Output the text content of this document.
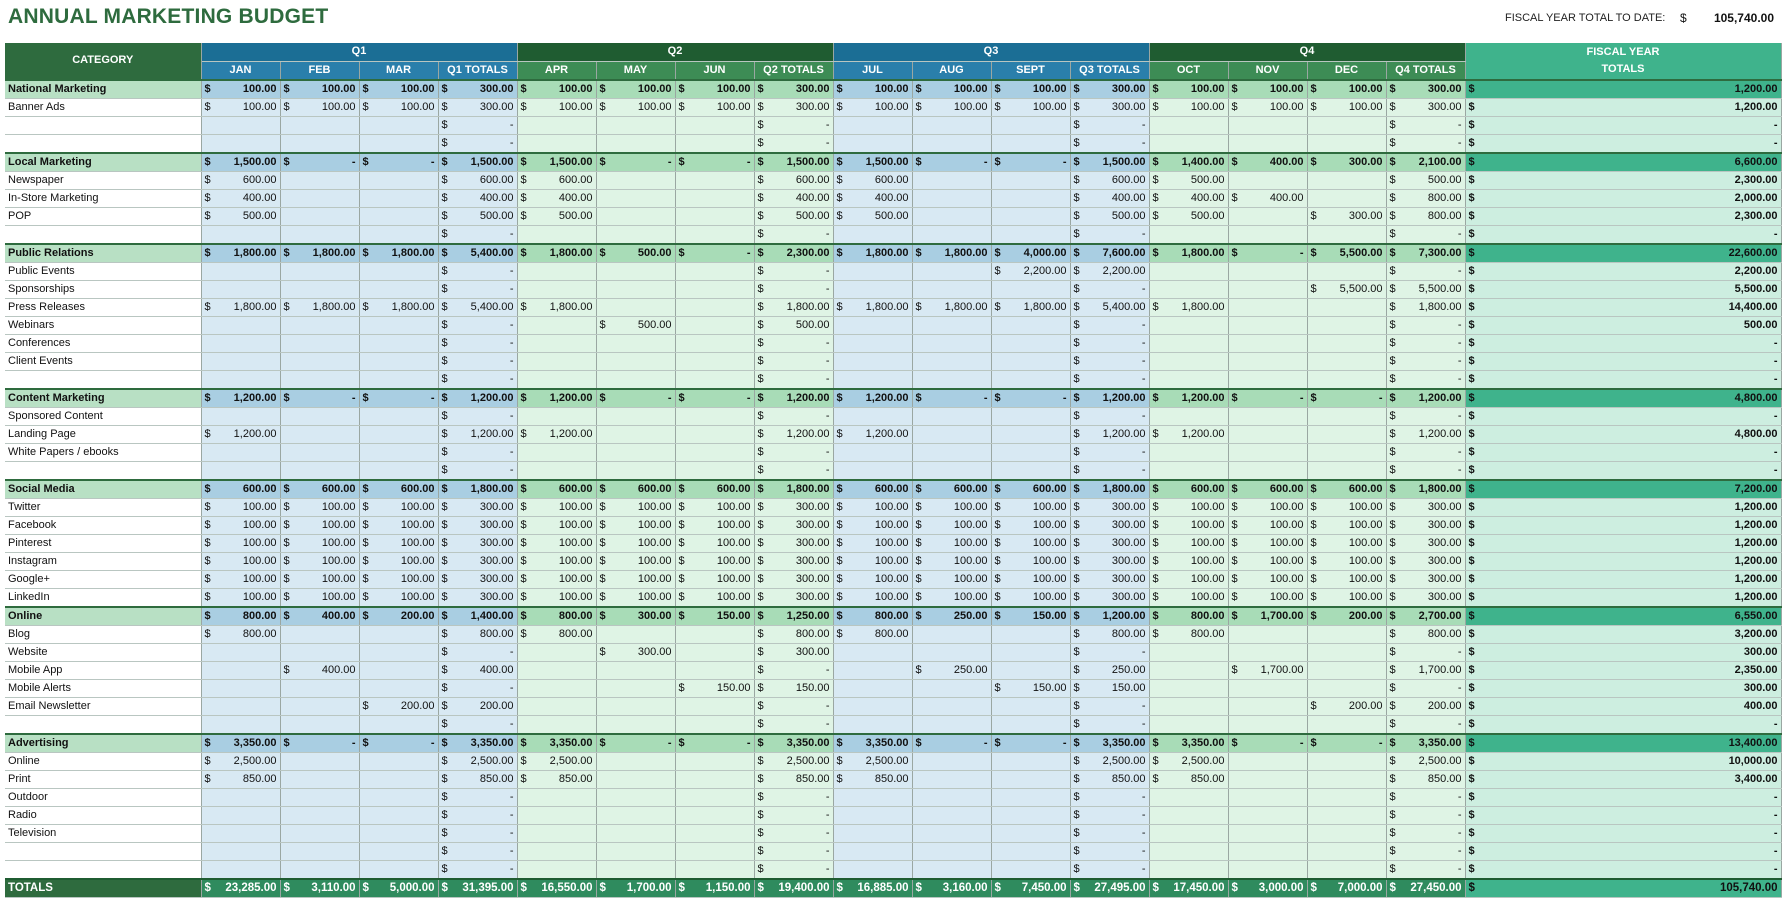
ANNUAL MARKETING BUDGET	FISCAL YEAR TOTAL TO DATE: $ 105,740.00
CATEGORY	Q1				Q2				Q3				Q4				FISCAL YEAR
TOTALS
	JAN	FEB	MAR	Q1 TOTALS	APR	MAY	JUN	Q2 TOTALS	JUL	AUG	SEPT	Q3 TOTALS	OCT	NOV	DEC	Q4 TOTALS	
National Marketing	$ 100.00	$ 100.00	$ 100.00	$ 300.00	$ 100.00	$ 100.00	$ 100.00	$ 300.00	$ 100.00	$ 100.00	$ 100.00	$ 300.00	$ 100.00	$ 100.00	$ 100.00	$ 300.00	$ 1,200.00

Banner Ads	$ 100.00	$ 100.00	$ 100.00	$ 300.00	$ 100.00	$ 100.00	$ 100.00	$ 300.00	$ 100.00	$ 100.00	$ 100.00	$ 300.00	$ 100.00	$ 100.00	$ 100.00	$ 300.00	$ 1,200.00

				$ -				$ -				$ -				$ -	$ -

				$ -				$ -				$ -				$ -	$ -

Local Marketing	$ 1,500.00	$ -	$ -	$ 1,500.00	$ 1,500.00	$ -	$ -	$ 1,500.00	$ 1,500.00	$ -	$ -	$ 1,500.00	$ 1,400.00	$ 400.00	$ 300.00	$ 2,100.00	$ 6,600.00

Newspaper	$ 600.00			$ 600.00	$ 600.00			$ 600.00	$ 600.00			$ 600.00	$ 500.00			$ 500.00	$ 2,300.00

In-Store Marketing	$ 400.00			$ 400.00	$ 400.00			$ 400.00	$ 400.00			$ 400.00	$ 400.00	$ 400.00		$ 800.00	$ 2,000.00

POP	$ 500.00			$ 500.00	$ 500.00			$ 500.00	$ 500.00			$ 500.00	$ 500.00		$ 300.00	$ 800.00	$ 2,300.00

				$ -				$ -				$ -				$ -	$ -

Public Relations	$ 1,800.00	$ 1,800.00	$ 1,800.00	$ 5,400.00	$ 1,800.00	$ 500.00	$ -	$ 2,300.00	$ 1,800.00	$ 1,800.00	$ 4,000.00	$ 7,600.00	$ 1,800.00	$ -	$ 5,500.00	$ 7,300.00	$ 22,600.00

Public Events				$ -				$ -			$ 2,200.00	$ 2,200.00				$ -	$ 2,200.00

Sponsorships				$ -				$ -				$ -			$ 5,500.00	$ 5,500.00	$ 5,500.00

Press Releases	$ 1,800.00	$ 1,800.00	$ 1,800.00	$ 5,400.00	$ 1,800.00			$ 1,800.00	$ 1,800.00	$ 1,800.00	$ 1,800.00	$ 5,400.00	$ 1,800.00			$ 1,800.00	$ 14,400.00

Webinars				$ -		$ 500.00		$ 500.00				$ -				$ -	$ 500.00

Conferences				$ -				$ -				$ -				$ -	$ -

Client Events				$ -				$ -				$ -				$ -	$ -

				$ -				$ -				$ -				$ -	$ -

Content Marketing	$ 1,200.00	$ -	$ -	$ 1,200.00	$ 1,200.00	$ -	$ -	$ 1,200.00	$ 1,200.00	$ -	$ -	$ 1,200.00	$ 1,200.00	$ -	$ -	$ 1,200.00	$ 4,800.00

Sponsored Content				$ -				$ -				$ -				$ -	$ -

Landing Page	$ 1,200.00			$ 1,200.00	$ 1,200.00			$ 1,200.00	$ 1,200.00			$ 1,200.00	$ 1,200.00			$ 1,200.00	$ 4,800.00

White Papers / ebooks				$ -				$ -				$ -				$ -	$ -

				$ -				$ -				$ -				$ -	$ -

Social Media	$ 600.00	$ 600.00	$ 600.00	$ 1,800.00	$ 600.00	$ 600.00	$ 600.00	$ 1,800.00	$ 600.00	$ 600.00	$ 600.00	$ 1,800.00	$ 600.00	$ 600.00	$ 600.00	$ 1,800.00	$ 7,200.00

Twitter	$ 100.00	$ 100.00	$ 100.00	$ 300.00	$ 100.00	$ 100.00	$ 100.00	$ 300.00	$ 100.00	$ 100.00	$ 100.00	$ 300.00	$ 100.00	$ 100.00	$ 100.00	$ 300.00	$ 1,200.00

Facebook	$ 100.00	$ 100.00	$ 100.00	$ 300.00	$ 100.00	$ 100.00	$ 100.00	$ 300.00	$ 100.00	$ 100.00	$ 100.00	$ 300.00	$ 100.00	$ 100.00	$ 100.00	$ 300.00	$ 1,200.00

Pinterest	$ 100.00	$ 100.00	$ 100.00	$ 300.00	$ 100.00	$ 100.00	$ 100.00	$ 300.00	$ 100.00	$ 100.00	$ 100.00	$ 300.00	$ 100.00	$ 100.00	$ 100.00	$ 300.00	$ 1,200.00

Instagram	$ 100.00	$ 100.00	$ 100.00	$ 300.00	$ 100.00	$ 100.00	$ 100.00	$ 300.00	$ 100.00	$ 100.00	$ 100.00	$ 300.00	$ 100.00	$ 100.00	$ 100.00	$ 300.00	$ 1,200.00

Google+	$ 100.00	$ 100.00	$ 100.00	$ 300.00	$ 100.00	$ 100.00	$ 100.00	$ 300.00	$ 100.00	$ 100.00	$ 100.00	$ 300.00	$ 100.00	$ 100.00	$ 100.00	$ 300.00	$ 1,200.00

LinkedIn	$ 100.00	$ 100.00	$ 100.00	$ 300.00	$ 100.00	$ 100.00	$ 100.00	$ 300.00	$ 100.00	$ 100.00	$ 100.00	$ 300.00	$ 100.00	$ 100.00	$ 100.00	$ 300.00	$ 1,200.00

Online	$ 800.00	$ 400.00	$ 200.00	$ 1,400.00	$ 800.00	$ 300.00	$ 150.00	$ 1,250.00	$ 800.00	$ 250.00	$ 150.00	$ 1,200.00	$ 800.00	$ 1,700.00	$ 200.00	$ 2,700.00	$ 6,550.00

Blog	$ 800.00			$ 800.00	$ 800.00			$ 800.00	$ 800.00			$ 800.00	$ 800.00			$ 800.00	$ 3,200.00

Website				$ -		$ 300.00		$ 300.00				$ -				$ -	$ 300.00

Mobile App		$ 400.00		$ 400.00				$ -		$ 250.00		$ 250.00		$ 1,700.00		$ 1,700.00	$ 2,350.00

Mobile Alerts				$ -			$ 150.00	$ 150.00			$ 150.00	$ 150.00				$ -	$ 300.00

Email Newsletter			$ 200.00	$ 200.00				$ -				$ -			$ 200.00	$ 200.00	$ 400.00

				$ -				$ -				$ -				$ -	$ -

Advertising	$ 3,350.00	$ -	$ -	$ 3,350.00	$ 3,350.00	$ -	$ -	$ 3,350.00	$ 3,350.00	$ -	$ -	$ 3,350.00	$ 3,350.00	$ -	$ -	$ 3,350.00	$ 13,400.00

Online	$ 2,500.00			$ 2,500.00	$ 2,500.00			$ 2,500.00	$ 2,500.00			$ 2,500.00	$ 2,500.00			$ 2,500.00	$ 10,000.00

Print	$ 850.00			$ 850.00	$ 850.00			$ 850.00	$ 850.00			$ 850.00	$ 850.00			$ 850.00	$ 3,400.00

Outdoor				$ -				$ -				$ -				$ -	$ -

Radio				$ -				$ -				$ -				$ -	$ -

Television				$ -				$ -				$ -				$ -	$ -

				$ -				$ -				$ -				$ -	$ -

				$ -				$ -				$ -				$ -	$ -

TOTALS	$ 23,285.00	$ 3,110.00	$ 5,000.00	$ 31,395.00	$ 16,550.00	$ 1,700.00	$ 1,150.00	$ 19,400.00	$ 16,885.00	$ 3,160.00	$ 7,450.00	$ 27,495.00	$ 17,450.00	$ 3,000.00	$ 7,000.00	$ 27,450.00	$ 105,740.00
